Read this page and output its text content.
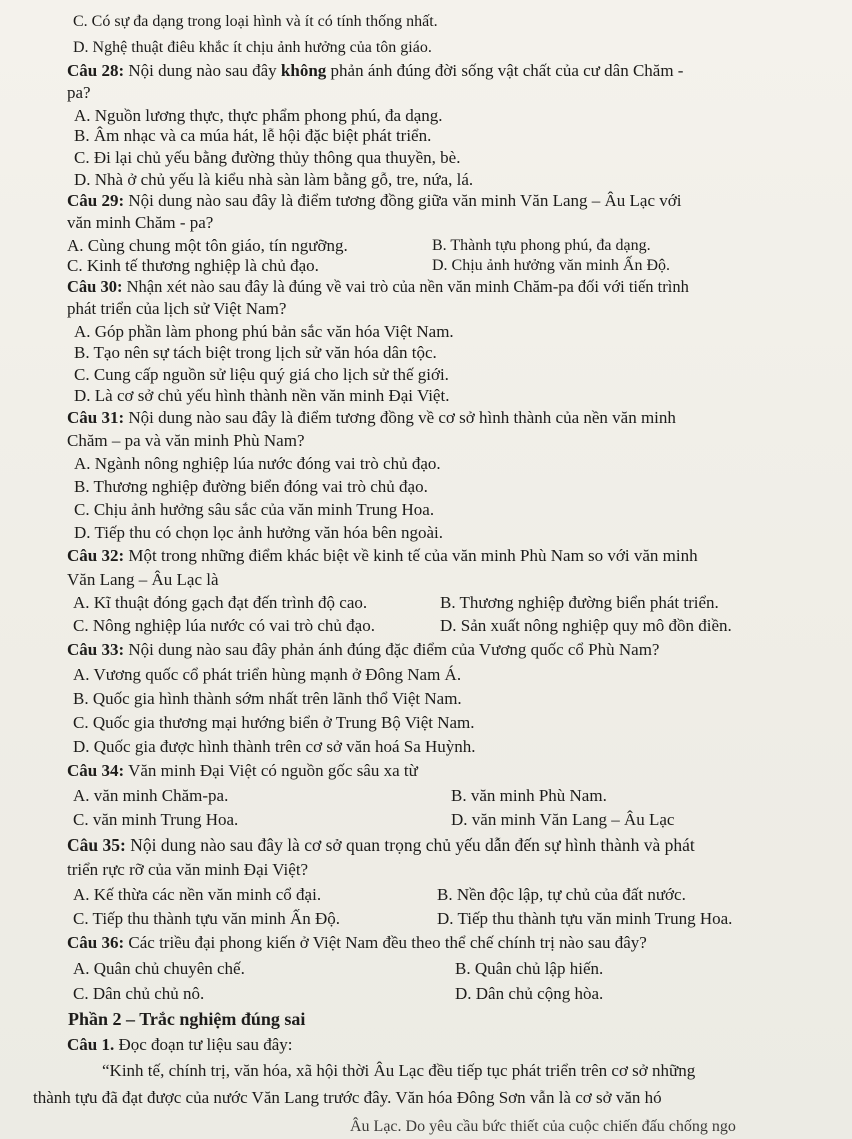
C. Có sự đa dạng trong loại hình và ít có tính thống nhất.
D. Nghệ thuật điêu khắc ít chịu ảnh hưởng của tôn giáo.
Câu 28: Nội dung nào sau đây không phản ánh đúng đời sống vật chất của cư dân Chăm -
pa?
A. Nguồn lương thực, thực phẩm phong phú, đa dạng.
B. Âm nhạc và ca múa hát, lễ hội đặc biệt phát triển.
C. Đi lại chủ yếu bằng đường thủy thông qua thuyền, bè.
D. Nhà ở chủ yếu là kiểu nhà sàn làm bằng gỗ, tre, nứa, lá.
Câu 29: Nội dung nào sau đây là điểm tương đồng giữa văn minh Văn Lang – Âu Lạc với
văn minh Chăm - pa?
A. Cùng chung một tôn giáo, tín ngưỡng.	B. Thành tựu phong phú, đa dạng.
C. Kinh tế thương nghiệp là chủ đạo.	D. Chịu ảnh hưởng văn minh Ấn Độ.
Câu 30: Nhận xét nào sau đây là đúng về vai trò của nền văn minh Chăm-pa đối với tiến trình
phát triển của lịch sử Việt Nam?
A. Góp phần làm phong phú bản sắc văn hóa Việt Nam.
B. Tạo nên sự tách biệt trong lịch sử văn hóa dân tộc.
C. Cung cấp nguồn sử liệu quý giá cho lịch sử thế giới.
D. Là cơ sở chủ yếu hình thành nền văn minh Đại Việt.
Câu 31: Nội dung nào sau đây là điểm tương đồng về cơ sở hình thành của nền văn minh
Chăm – pa và văn minh Phù Nam?
A. Ngành nông nghiệp lúa nước đóng vai trò chủ đạo.
B. Thương nghiệp đường biển đóng vai trò chủ đạo.
C. Chịu ảnh hưởng sâu sắc của văn minh Trung Hoa.
D. Tiếp thu có chọn lọc ảnh hưởng văn hóa bên ngoài.
Câu 32: Một trong những điểm khác biệt về kinh tế của văn minh Phù Nam so với văn minh
Văn Lang – Âu Lạc là
A. Kĩ thuật đóng gạch đạt đến trình độ cao.	B. Thương nghiệp đường biển phát triển.
C. Nông nghiệp lúa nước có vai trò chủ đạo.	D. Sản xuất nông nghiệp quy mô đồn điền.
Câu 33: Nội dung nào sau đây phản ánh đúng đặc điểm của Vương quốc cổ Phù Nam?
A. Vương quốc cổ phát triển hùng mạnh ở Đông Nam Á.
B. Quốc gia hình thành sớm nhất trên lãnh thổ Việt Nam.
C. Quốc gia thương mại hướng biển ở Trung Bộ Việt Nam.
D. Quốc gia được hình thành trên cơ sở văn hoá Sa Huỳnh.
Câu 34: Văn minh Đại Việt có nguồn gốc sâu xa từ
A. văn minh Chăm-pa.	B. văn minh Phù Nam.
C. văn minh Trung Hoa.	D. văn minh Văn Lang – Âu Lạc
Câu 35: Nội dung nào sau đây là cơ sở quan trọng chủ yếu dẫn đến sự hình thành và phát
triển rực rỡ của văn minh Đại Việt?
A. Kế thừa các nền văn minh cổ đại.	B. Nền độc lập, tự chủ của đất nước.
C. Tiếp thu thành tựu văn minh Ấn Độ.	D. Tiếp thu thành tựu văn minh Trung Hoa.
Câu 36: Các triều đại phong kiến ở Việt Nam đều theo thể chế chính trị nào sau đây?
A. Quân chủ chuyên chế.	B. Quân chủ lập hiến.
C. Dân chủ chủ nô.	D. Dân chủ cộng hòa.
Phần 2 – Trắc nghiệm đúng sai
Câu 1. Đọc đoạn tư liệu sau đây:
“Kinh tế, chính trị, văn hóa, xã hội thời Âu Lạc đều tiếp tục phát triển trên cơ sở những
thành tựu đã đạt được của nước Văn Lang trước đây. Văn hóa Đông Sơn vẫn là cơ sở văn hó
Âu Lạc. Do yêu cầu bức thiết của cuộc chiến đấu chống ngo
